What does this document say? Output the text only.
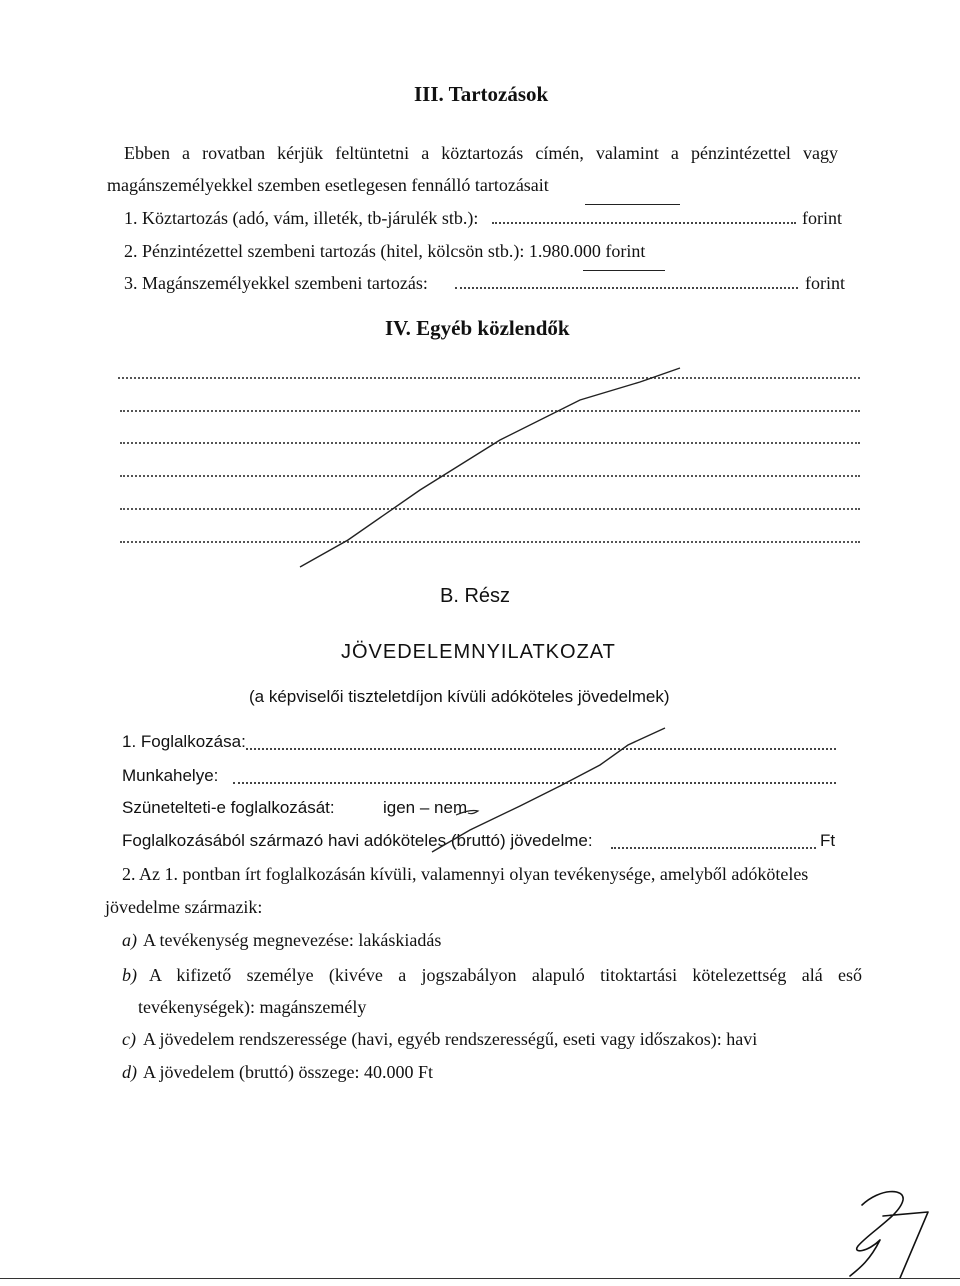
III. Tartozások
Ebben a rovatban kérjük feltüntetni a köztartozás címén, valamint a pénzintézettel vagy
magánszemélyekkel szemben esetlegesen fennálló tartozásait
1. Köztartozás (adó, vám, illeték, tb-járulék stb.):	forint
2. Pénzintézettel szembeni tartozás (hitel, kölcsön stb.): 1.980.000 forint
3. Magánszemélyekkel szembeni tartozás:	forint
IV. Egyéb közlendők
B. Rész
JÖVEDELEMNYILATKOZAT
(a képviselői tiszteletdíjon kívüli adóköteles jövedelmek)
1. Foglalkozása:
Munkahelye:
Szünetelteti-e foglalkozását:	igen – nem
Foglalkozásából származó havi adóköteles (bruttó) jövedelme:	Ft
2. Az 1. pontban írt foglalkozásán kívüli, valamennyi olyan tevékenysége, amelyből adóköteles
jövedelme származik:
a) A tevékenység megnevezése: lakáskiadás
b) A kifizető személye (kivéve a jogszabályon alapuló titoktartási kötelezettség alá eső
tevékenységek): magánszemély
c) A jövedelem rendszeressége (havi, egyéb rendszerességű, eseti vagy időszakos): havi
d) A jövedelem (bruttó) összege: 40.000 Ft
